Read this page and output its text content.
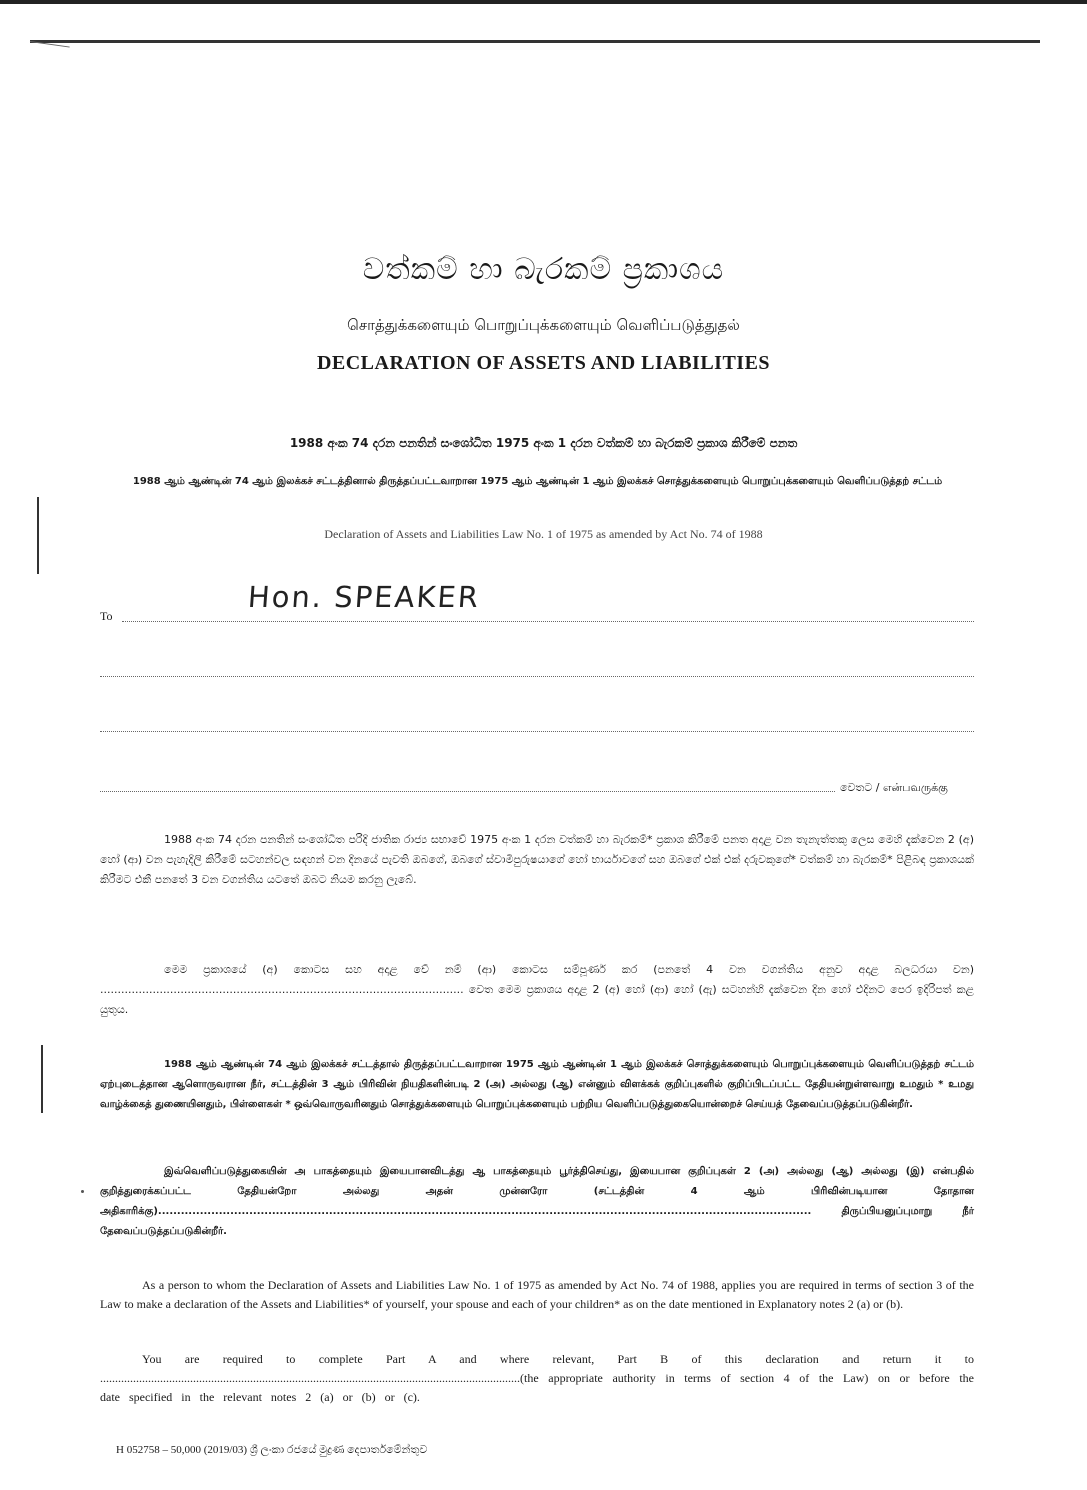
වත්කම් හා බැරකම් ප්‍රකාශය
சொத்துக்களையும் பொறுப்புக்களையும் வெளிப்படுத்துதல்
DECLARATION OF ASSETS AND LIABILITIES
1988 අංක 74 දරන පනතින් සංශෝධිත 1975 අංක 1 දරන වත්කම් හා බැරකම් ප්‍රකාශ කිරීමේ පනත
1988 ஆம் ஆண்டின் 74 ஆம் இலக்கச் சட்டத்தினால் திருத்தப்பட்டவாறான 1975 ஆம் ஆண்டின் 1 ஆம் இலக்கச் சொத்துக்களையும் பொறுப்புக்களையும் வெளிப்படுத்தற் சட்டம்
Declaration of Assets and Liabilities Law No. 1 of 1975 as amended by Act No. 74 of 1988
To
Hon. SPEAKER
වෙතට / என்பவருக்கு
1988 අංක 74 දරන පනතින් සංශෝධිත පරිදි ජාතික රාජ්‍ය සභාවේ 1975 අංක 1 දරන වත්කම් හා බැරකම්* ප්‍රකාශ කිරීමේ පනත අදාළ වන තැනැත්තකු ලෙස මෙහි දැක්වෙන 2 (අ) හෝ (ආ) වන පැහැදිලි කිරීමේ සටහන්වල සඳහන් වන දිනයේ පැවති ඔබගේ, ඔබගේ ස්වාමිපුරුෂයාගේ හෝ භාර්යාවගේ සහ ඔබගේ එක් එක් දරුවකුගේ* වත්කම් හා බැරකම්* පිළිබඳ ප්‍රකාශයක් කිරීමට එකී පනතේ 3 වන වගන්තිය යටතේ ඔබට නියම කරනු ලැබේ.
මෙම ප්‍රකාශයේ (අ) කොටස සහ අදාළ වේ නම් (ආ) කොටස සම්පූර්ණ කර (පනතේ 4 වන වගන්තිය අනුව අදාළ බලධරයා වන) ........................................................................................................ වෙත මෙම ප්‍රකාශය අදාළ 2 (අ) හෝ (ආ) හෝ (ඇ) සටහන්හි දැක්වෙන දින හෝ එදිනට පෙර ඉදිරිපත් කළ යුතුය.
1988 ஆம் ஆண்டின் 74 ஆம் இலக்கச் சட்டத்தால் திருத்தப்பட்டவாறான 1975 ஆம் ஆண்டின் 1 ஆம் இலக்கச் சொத்துக்களையும் பொறுப்புக்களையும் வெளிப்படுத்தற் சட்டம் ஏற்புடைத்தான ஆளொருவரான நீர், சட்டத்தின் 3 ஆம் பிரிவின் நியதிகளின்படி 2 (அ) அல்லது (ஆ) என்னும் விளக்கக் குறிப்புகளில் குறிப்பிடப்பட்ட தேதியன்றுள்ளவாறு உமதும் * உமது வாழ்க்கைத் துணையினதும், பிள்ளைகள் * ஒவ்வொருவரினதும் சொத்துக்களையும் பொறுப்புக்களையும் பற்றிய வெளிப்படுத்துகையொன்றைச் செய்யத் தேவைப்படுத்தப்படுகின்றீர்.
இவ்வெளிப்படுத்துகையின் அ பாகத்தையும் இயைபானவிடத்து ஆ பாகத்தையும் பூர்த்திசெய்து, இயைபான குறிப்புகள் 2 (அ) அல்லது (ஆ) அல்லது (இ) என்பதில் குறித்துரைக்கப்பட்ட தேதியன்றோ அல்லது அதன் முன்னரோ (சட்டத்தின் 4 ஆம் பிரிவின்படியான தோதான அதிகாரிக்கு)............................................................................................................................................................................ திருப்பியனுப்புமாறு நீர் தேவைப்படுத்தப்படுகின்றீர்.
As a person to whom the Declaration of Assets and Liabilities Law No. 1 of 1975 as amended by Act No. 74 of 1988, applies you are required in terms of section 3 of the Law to make a declaration of the Assets and Liabilities* of yourself, your spouse and each of your children* as on the date mentioned in Explanatory notes 2 (a) or (b).
You are required to complete Part A and where relevant, Part B of this declaration and return it to ............................................................................................................................................(the appropriate authority in terms of section 4 of the Law) on or before the date specified in the relevant notes 2 (a) or (b) or (c).
H 052758 – 50,000 (2019/03) ශ්‍රී ලංකා රජයේ මුද්‍රණ දෙපාර්තමේන්තුව
